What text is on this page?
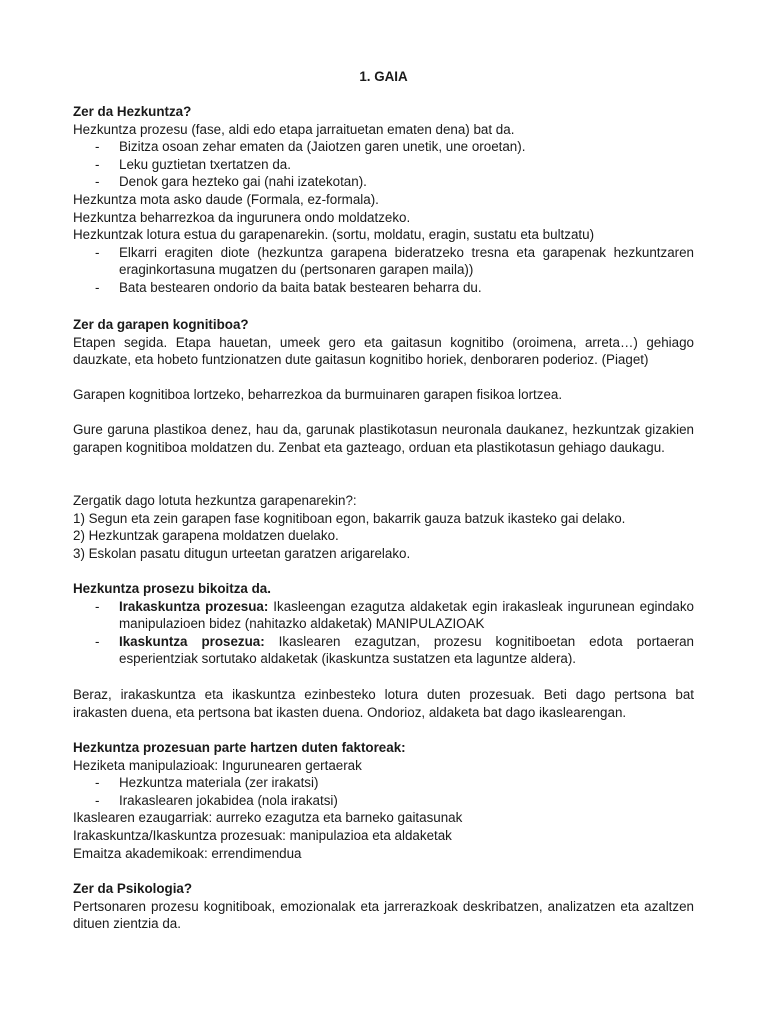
1. GAIA

Zer da Hezkuntza?

Hezkuntza prozesu (fase, aldi edo etapa jarraituetan ematen dena) bat da.

- Bizitza osoan zehar ematen da (Jaiotzen garen unetik, une oroetan).
- Leku guztietan txertatzen da.
- Denok gara hezteko gai (nahi izatekotan).

Hezkuntza mota asko daude (Formala, ez-formala).

Hezkuntza beharrezkoa da ingurunera ondo moldatzeko.

Hezkuntzak lotura estua du garapenarekin. (sortu, moldatu, eragin, sustatu eta bultzatu)

- Elkarri eragiten diote (hezkuntza garapena bideratzeko tresna eta garapenak hezkuntzaren eraginkortasuna mugatzen du (pertsonaren garapen maila))
- Bata bestearen ondorio da baita batak bestearen beharra du.

Zer da garapen kognitiboa?

Etapen segida. Etapa hauetan, umeek gero eta gaitasun kognitibo (oroimena, arreta…) gehiago dauzkate, eta hobeto funtzionatzen dute gaitasun kognitibo horiek, denboraren poderioz. (Piaget)

Garapen kognitiboa lortzeko, beharrezkoa da burmuinaren garapen fisikoa lortzea.

Gure garuna plastikoa denez, hau da, garunak plastikotasun neuronala daukanez, hezkuntzak gizakien garapen kognitiboa moldatzen du. Zenbat eta gazteago, orduan eta plastikotasun gehiago daukagu.

Zergatik dago lotuta hezkuntza garapenarekin?:

1) Segun eta zein garapen fase kognitiboan egon, bakarrik gauza batzuk ikasteko gai delako.

2) Hezkuntzak garapena moldatzen duelako.

3) Eskolan pasatu ditugun urteetan garatzen arigarelako.

Hezkuntza prosezu bikoitza da.

- Irakaskuntza prozesua: Ikasleengan ezagutza aldaketak egin irakasleak ingurunean egindako manipulazioen bidez (nahitazko aldaketak) MANIPULAZIOAK
- Ikaskuntza prosezua: Ikaslearen ezagutzan, prozesu kognitiboetan edota portaeran esperientziak sortutako aldaketak (ikaskuntza sustatzen eta laguntze aldera).

Beraz, irakaskuntza eta ikaskuntza ezinbesteko lotura duten prozesuak. Beti dago pertsona bat irakasten duena, eta pertsona bat ikasten duena. Ondorioz, aldaketa bat dago ikaslearengan.

Hezkuntza prozesuan parte hartzen duten faktoreak:

Heziketa manipulazioak: Ingurunearen gertaerak

- Hezkuntza materiala (zer irakatsi)
- Irakaslearen jokabidea (nola irakatsi)

Ikaslearen ezaugarriak: aurreko ezagutza eta barneko gaitasunak

Irakaskuntza/Ikaskuntza prozesuak: manipulazioa eta aldaketak

Emaitza akademikoak: errendimendua

Zer da Psikologia?

Pertsonaren prozesu kognitiboak, emozionalak eta jarrerazkoak deskribatzen, analizatzen eta azaltzen dituen zientzia da.
